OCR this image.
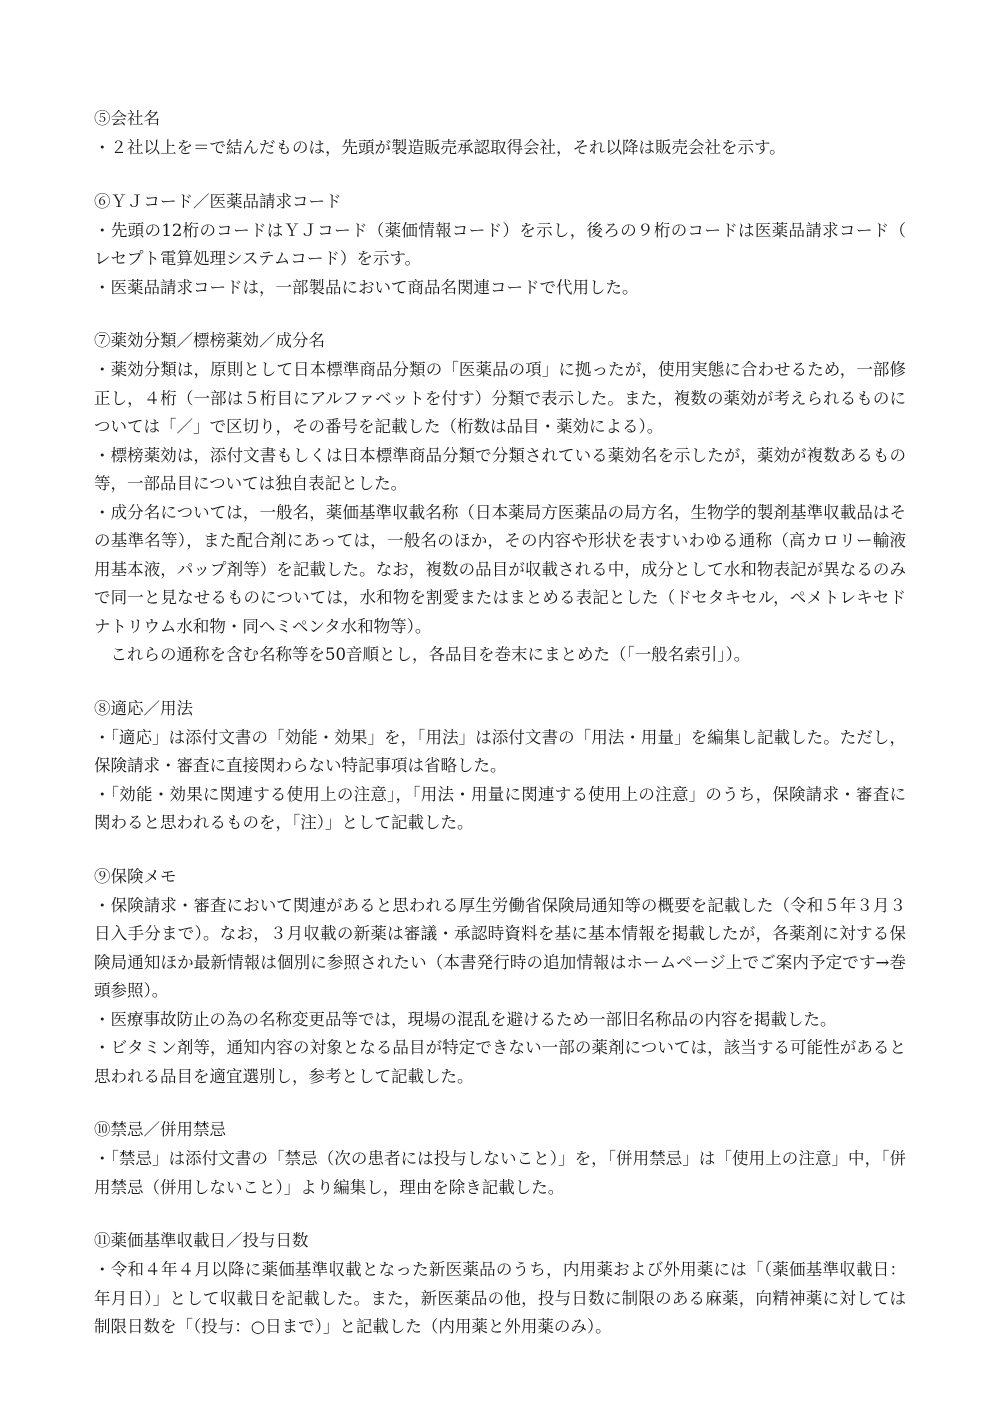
⑤会社名
・２社以上を＝で結んだものは，先頭が製造販売承認取得会社，それ以降は販売会社を示す。
⑥ＹＪコード／医薬品請求コード
・先頭の12桁のコードはＹＪコード（薬価情報コード）を示し，後ろの９桁のコードは医薬品請求コード（レセプト電算処理システムコード）を示す。
・医薬品請求コードは，一部製品において商品名関連コードで代用した。
⑦薬効分類／標榜薬効／成分名
・薬効分類は，原則として日本標準商品分類の「医薬品の項」に拠ったが，使用実態に合わせるため，一部修正し，４桁（一部は５桁目にアルファベットを付す）分類で表示した。また，複数の薬効が考えられるものについては「／」で区切り，その番号を記載した（桁数は品目・薬効による）。
・標榜薬効は，添付文書もしくは日本標準商品分類で分類されている薬効名を示したが，薬効が複数あるもの等，一部品目については独自表記とした。
・成分名については，一般名，薬価基準収載名称（日本薬局方医薬品の局方名，生物学的製剤基準収載品はその基準名等），また配合剤にあっては，一般名のほか，その内容や形状を表すいわゆる通称（高カロリー輸液用基本液，パップ剤等）を記載した。なお，複数の品目が収載される中，成分として水和物表記が異なるのみで同一と見なせるものについては，水和物を割愛またはまとめる表記とした（ドセタキセル，ペメトレキセドナトリウム水和物・同ヘミペンタ水和物等）。
これらの通称を含む名称等を50音順とし，各品目を巻末にまとめた（「一般名索引」）。
⑧適応／用法
・「適応」は添付文書の「効能・効果」を，「用法」は添付文書の「用法・用量」を編集し記載した。ただし，保険請求・審査に直接関わらない特記事項は省略した。
・「効能・効果に関連する使用上の注意」，「用法・用量に関連する使用上の注意」のうち，保険請求・審査に関わると思われるものを，「注）」として記載した。
⑨保険メモ
・保険請求・審査において関連があると思われる厚生労働省保険局通知等の概要を記載した（令和５年３月３日入手分まで）。なお，３月収載の新薬は審議・承認時資料を基に基本情報を掲載したが，各薬剤に対する保険局通知ほか最新情報は個別に参照されたい（本書発行時の追加情報はホームページ上でご案内予定です→巻頭参照）。
・医療事故防止の為の名称変更品等では，現場の混乱を避けるため一部旧名称品の内容を掲載した。
・ビタミン剤等，通知内容の対象となる品目が特定できない一部の薬剤については，該当する可能性があると思われる品目を適宜選別し，参考として記載した。
⑩禁忌／併用禁忌
・「禁忌」は添付文書の「禁忌（次の患者には投与しないこと）」を，「併用禁忌」は「使用上の注意」中，「併用禁忌（併用しないこと）」より編集し，理由を除き記載した。
⑪薬価基準収載日／投与日数
・令和４年４月以降に薬価基準収載となった新医薬品のうち，内用薬および外用薬には「（薬価基準収載日：年月日）」として収載日を記載した。また，新医薬品の他，投与日数に制限のある麻薬，向精神薬に対しては制限日数を「（投与：○日まで）」と記載した（内用薬と外用薬のみ）。
